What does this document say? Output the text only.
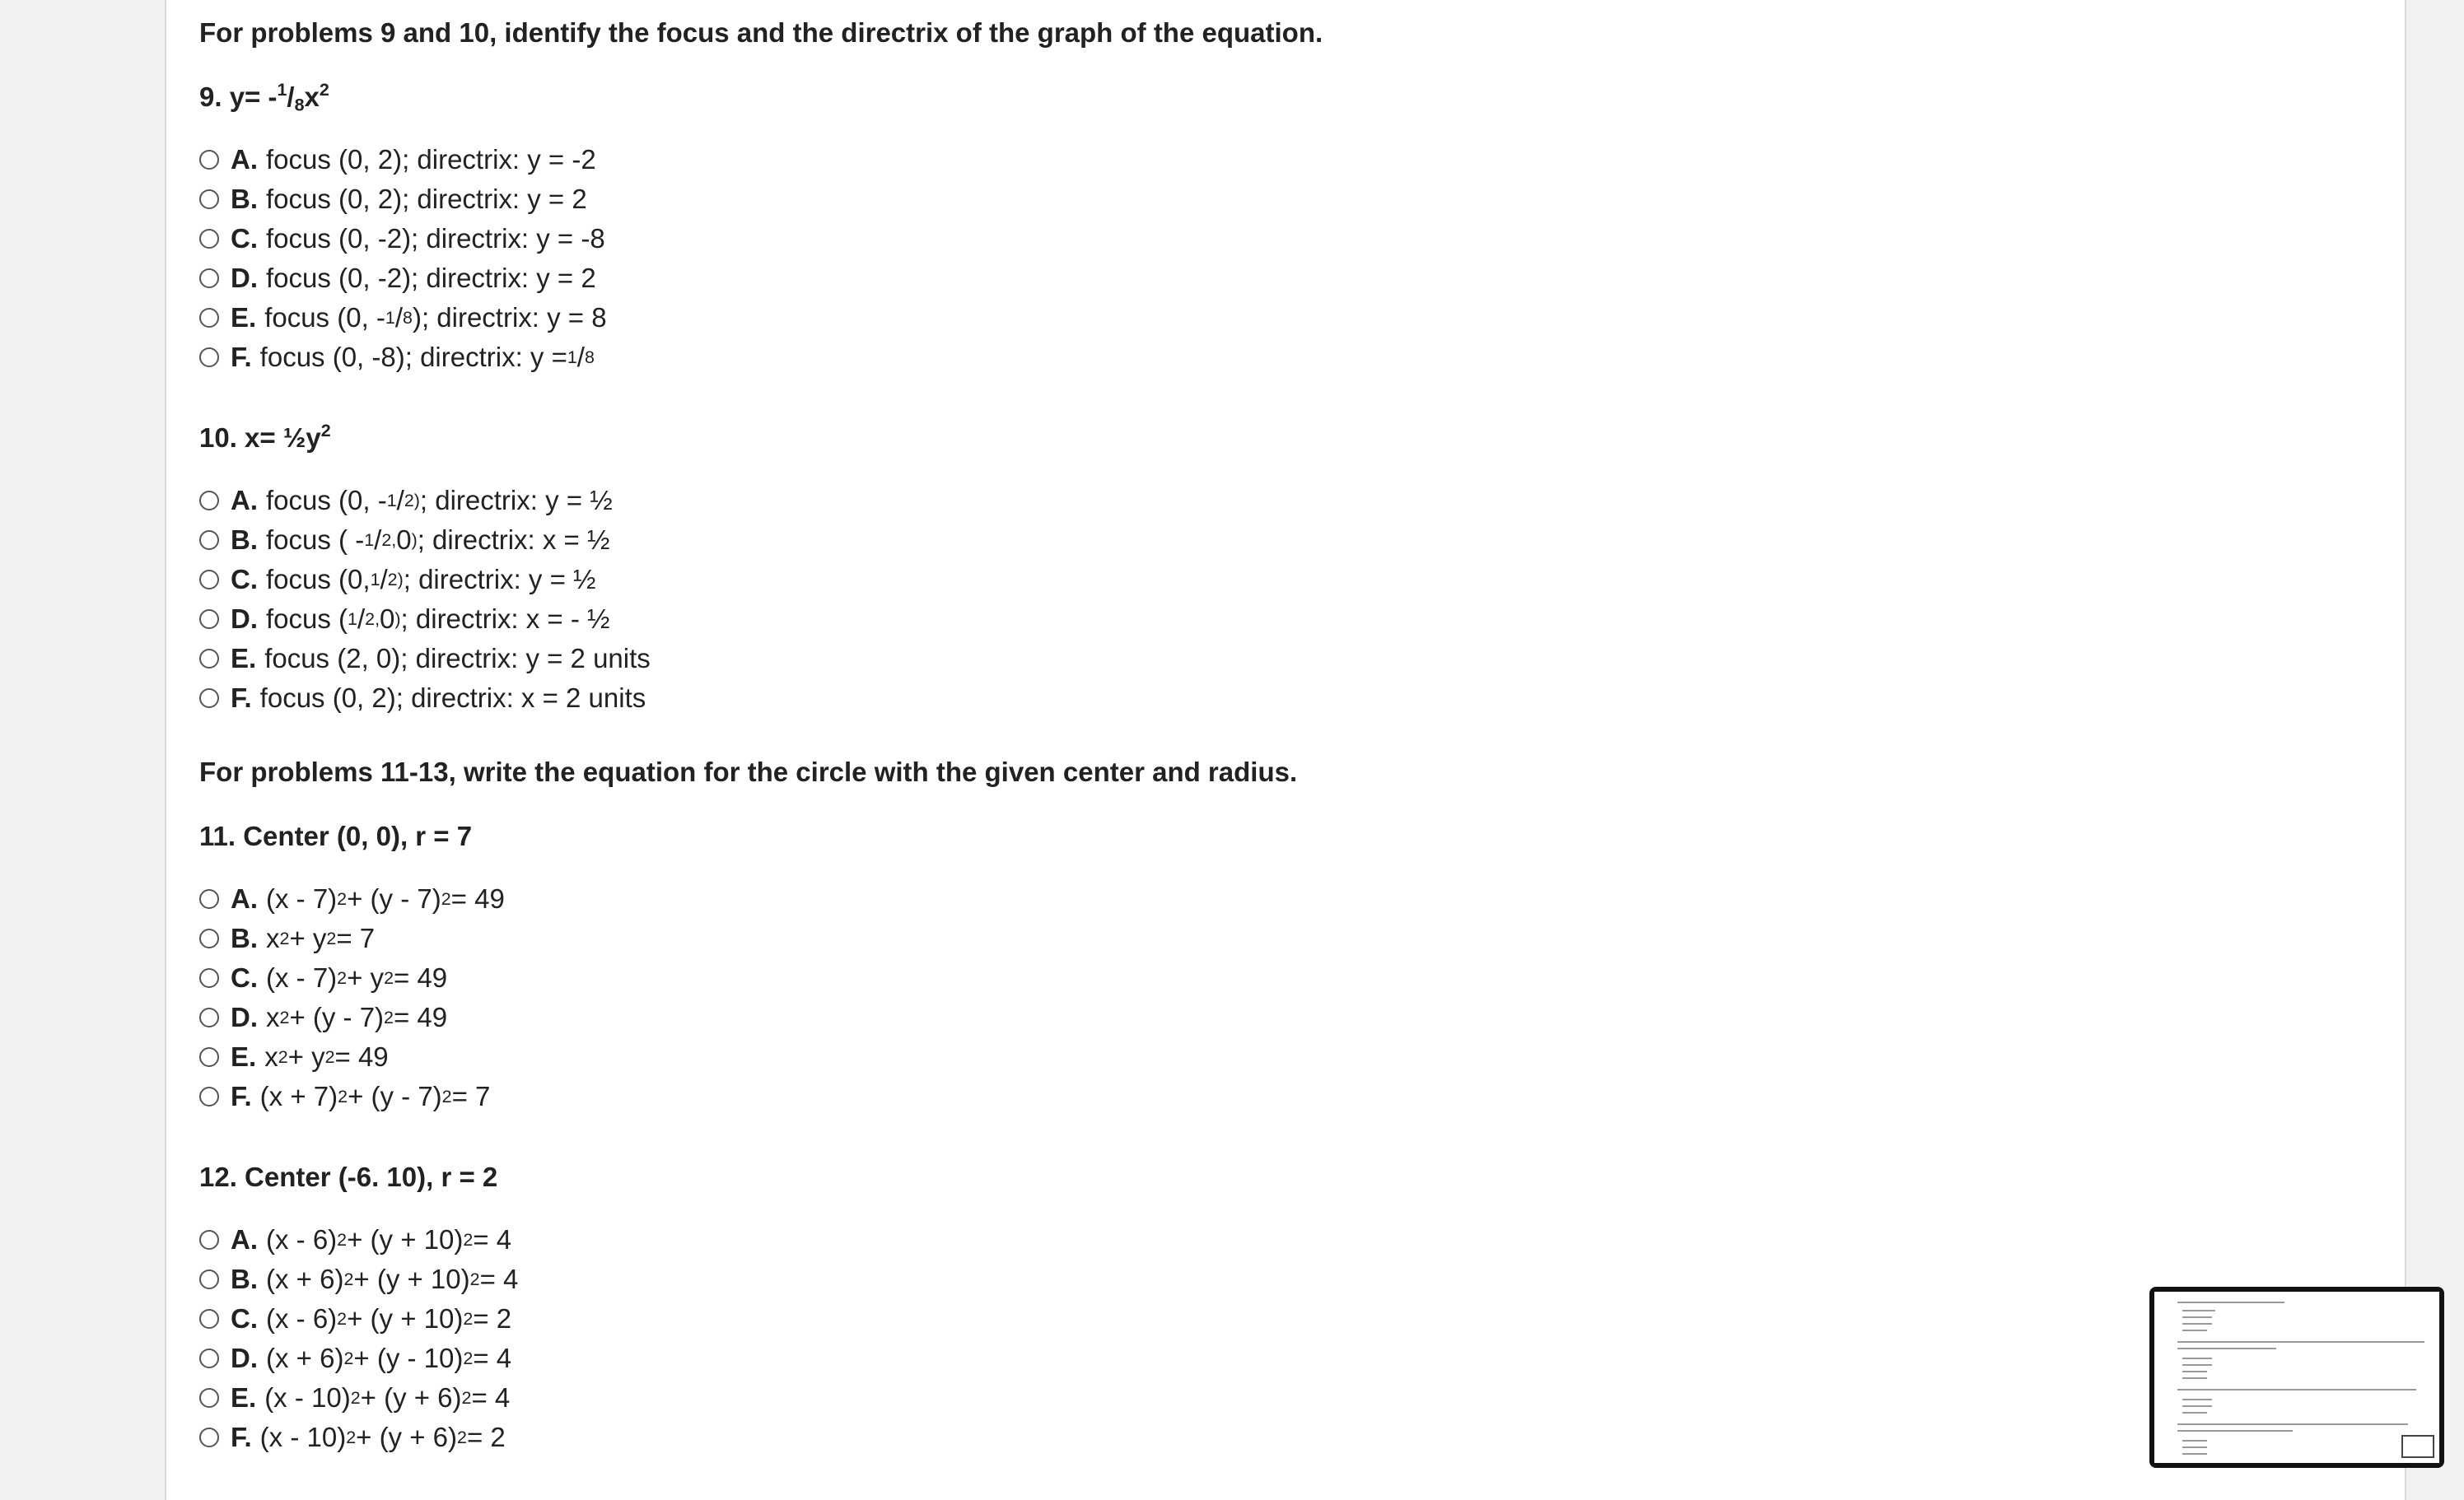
For problems 9 and 10, identify the focus and the directrix of the graph of the equation.
9. $y= -^1/_8x^2$
A. focus (0, 2); directrix: y = -2
B. focus (0, 2); directrix: y = 2
C. focus (0, -2); directrix: y = -8
D. focus (0, -2); directrix: y = 2
E. focus (0, - 1 / 8 ); directrix: y = 8
F. focus (0, -8); directrix: y = 1 / 8
10. $x= \frac{1}{2}y^2$
A. focus (0, - 1 / 2) ; directrix: y = ½
B. focus ( - 1 / 2, 0 ) ; directrix: x = ½
C. focus (0, 1 / 2) ; directrix: y = ½
D. focus ( 1 / 2, 0 ) ; directrix: x = - ½
E. focus (2, 0); directrix: y = 2 units
F. focus (0, 2); directrix: x = 2 units
For problems 11-13, write the equation for the circle with the given center and radius.
11. Center (0, 0), r = 7
A. (x - 7) 2 + (y - 7) 2 = 49
B. x 2 + y 2 = 7
C. (x - 7) 2 + y 2 = 49
D. x 2 + (y - 7) 2 = 49
E. x 2 + y 2 = 49
F. (x + 7) 2 + (y - 7) 2 = 7
12. Center (-6. 10), r = 2
A. (x - 6) 2 + (y + 10) 2 = 4
B. (x + 6) 2 + (y + 10) 2 = 4
C. (x - 6) 2 + (y + 10) 2 = 2
D. (x + 6) 2 + (y - 10) 2 = 4
E. (x - 10) 2 + (y + 6) 2 = 4
F. (x - 10) 2 + (y + 6) 2 = 2
